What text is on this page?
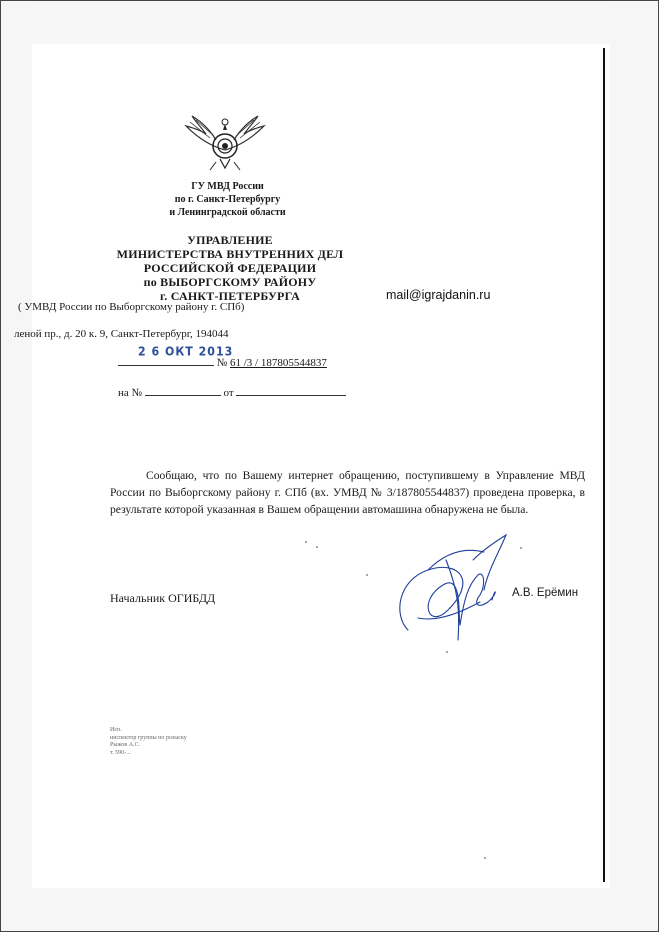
ГУ МВД России
по г. Санкт-Петербургу
и Ленинградской области
УПРАВЛЕНИЕ
МИНИСТЕРСТВА ВНУТРЕННИХ ДЕЛ
РОССИЙСКОЙ ФЕДЕРАЦИИ
по ВЫБОРГСКОМУ РАЙОНУ
г. САНКТ-ПЕТЕРБУРГА
( УМВД России по Выборгскому району г. СПб)
леной пр., д. 20 к. 9, Санкт-Петербург, 194044
2 6 ОКТ 2013
№ 61 /3 / 187805544837
на №	от
mail@igrajdanin.ru

Сообщаю, что по Вашему интернет обращению, поступившему в Управление МВД России по Выборгскому району г. СПб (вх. УМВД № 3/187805544837) проведена проверка, в результате которой указанная в Вашем обращении автомашина обнаружена не была.

Начальник ОГИБДД	А.В. Ерёмин
Исп.
инспектор группы по розыску
Рыжов А.С.
т. 590-...
